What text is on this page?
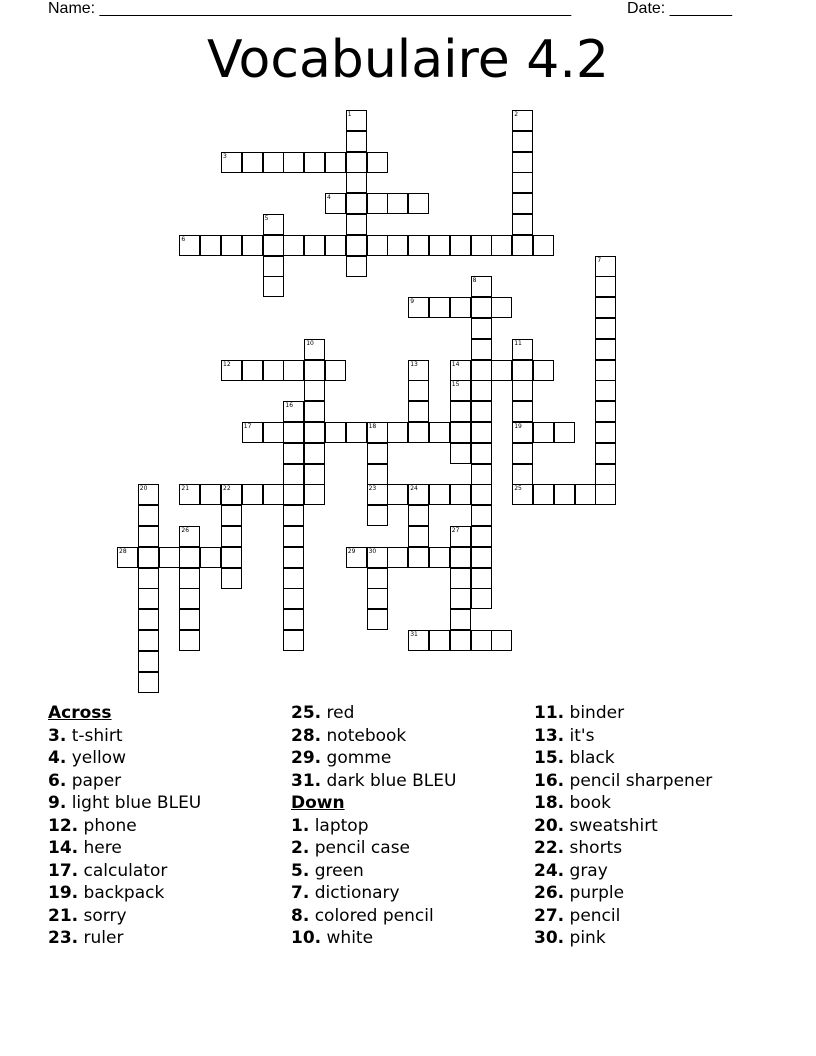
Name: _____________________________________________________	Date: _______
Vocabulaire 4.2
1	2
3
4
5
6
7
8
9
10	11
19
12	13	14
15
16
17	18
23
20	21	22	24	25
26	27
28	29 30
31
Across
3. t-shirt
4. yellow
6. paper
9. light blue BLEU
12. phone
14. here
17. calculator
19. backpack
21. sorry
23. ruler
25. red
28. notebook
29. gomme
31. dark blue BLEU
Down
1. laptop
2. pencil case
5. green
7. dictionary
8. colored pencil
10. white
11. binder
13. it's
15. black
16. pencil sharpener
18. book
20. sweatshirt
22. shorts
24. gray
26. purple
27. pencil
30. pink
